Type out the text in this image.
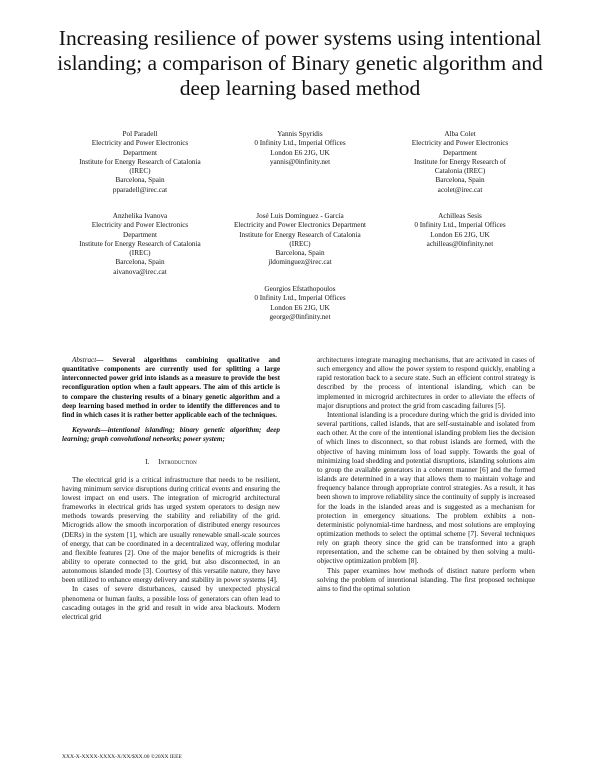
Increasing resilience of power systems using intentional islanding; a comparison of Binary genetic algorithm and deep learning based method
Pol Paradell
Electricity and Power Electronics
Department
Institute for Energy Research of Catalonia
(IREC)
Barcelona, Spain
pparadell@irec.cat
Yannis Spyridis
0 Infinity Ltd., Imperial Offices
London E6 2JG, UK
yannis@0infinity.net
Alba Colet
Electricity and Power Electronics
Department
Institute for Energy Research of
Catalonia (IREC)
Barcelona, Spain
acolet@irec.cat
Anzhelika Ivanova
Electricity and Power Electronics
Department
Institute for Energy Research of Catalonia
(IREC)
Barcelona, Spain
aivanova@irec.cat
José Luis Domínguez - García
Electricity and Power Electronics Department
Institute for Energy Research of Catalonia
(IREC)
Barcelona, Spain
jldominguez@irec.cat
Achilleas Sesis
0 Infinity Ltd., Imperial Offices
London E6 2JG, UK
achilleas@0infinity.net
Georgios Efstathopoulos
0 Infinity Ltd., Imperial Offices
London E6 2JG, UK
george@0infinity.net

Abstract— Several algorithms combining qualitative and quantitative components are currently used for splitting a large interconnected power grid into islands as a measure to provide the best reconfiguration option when a fault appears. The aim of this article is to compare the clustering results of a binary genetic algorithm and a deep learning based method in order to identify the differences and to find in which cases it is rather better applicable each of the techniques.

Keywords—intentional islanding; binary genetic algorithm; deep learning; graph convolutional networks; power system;

I. Introduction

The electrical grid is a critical infrastructure that needs to be resilient, having minimum service disruptions during critical events and ensuring the lowest impact on end users. The integration of microgrid architectural frameworks in electrical grids has urged system operators to design new methods towards preserving the stability and reliability of the grid. Microgrids allow the smooth incorporation of distributed energy resources (DERs) in the system [1], which are usually renewable small-scale sources of energy, that can be coordinated in a decentralized way, offering modular and flexible features [2]. One of the major benefits of microgrids is their ability to operate connected to the grid, but also disconnected, in an autonomous islanded mode [3]. Courtesy of this versatile nature, they have been utilized to enhance energy delivery and stability in power systems [4].

In cases of severe disturbances, caused by unexpected physical phenomena or human faults, a possible loss of generators can often lead to cascading outages in the grid and result in wide area blackouts. Modern electrical grid

architectures integrate managing mechanisms, that are activated in cases of such emergency and allow the power system to respond quickly, enabling a rapid restoration back to a secure state. Such an efficient control strategy is described by the process of intentional islanding, which can be implemented in microgrid architectures in order to alleviate the effects of major disruptions and protect the grid from cascading failures [5].

Intentional islanding is a procedure during which the grid is divided into several partitions, called islands, that are self-sustainable and isolated from each other. At the core of the intentional islanding problem lies the decision of which lines to disconnect, so that robust islands are formed, with the objective of having minimum loss of load supply. Towards the goal of minimizing load shedding and potential disruptions, islanding solutions aim to group the available generators in a coherent manner [6] and the formed islands are determined in a way that allows them to maintain voltage and frequency balance through appropriate control strategies. As a result, it has been shown to improve reliability since the continuity of supply is increased for the loads in the islanded areas and is suggested as a mechanism for protection in emergency situations. The problem exhibits a non-deterministic polynomial-time hardness, and most solutions are employing optimization methods to select the optimal scheme [7]. Several techniques rely on graph theory since the grid can be transformed into a graph representation, and the scheme can be obtained by then solving a multi-objective optimization problem [8].

This paper examines how methods of distinct nature perform when solving the problem of intentional islanding. The first proposed technique aims to find the optimal solution

XXX-X-XXXX-XXXX-X/XX/$XX.00 ©20XX IEEE
